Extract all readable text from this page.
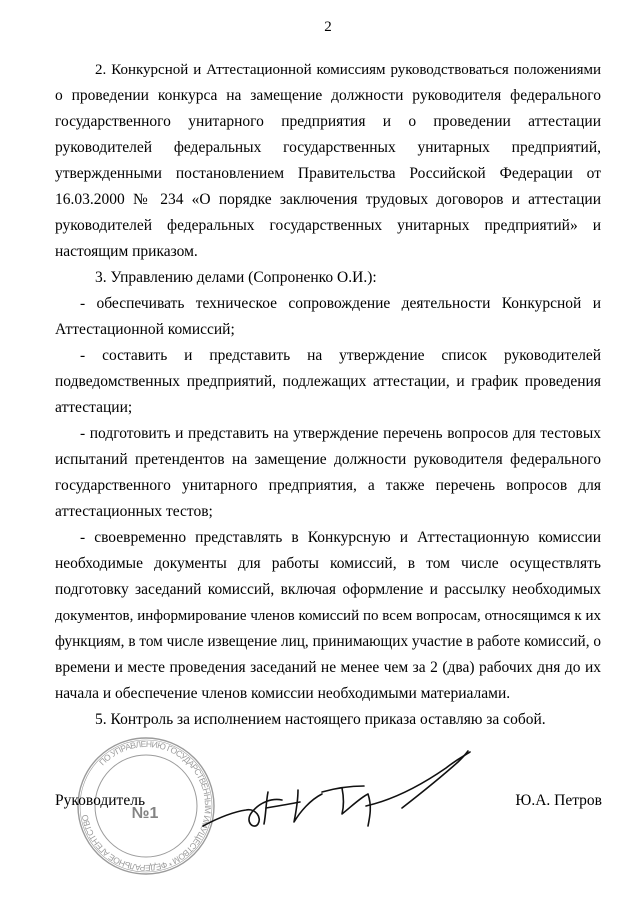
2
2. Конкурсной и Аттестационной комиссиям руководствоваться положениями
о проведении конкурса на замещение должности руководителя федерального
государственного унитарного предприятия и о проведении аттестации
руководителей федеральных государственных унитарных предприятий,
утвержденными постановлением Правительства Российской Федерации от
16.03.2000 № 234 «О порядке заключения трудовых договоров и аттестации
руководителей федеральных государственных унитарных предприятий» и
настоящим приказом.
3. Управлению делами (Сопроненко О.И.):
- обеспечивать техническое сопровождение деятельности Конкурсной и
Аттестационной комиссий;
- составить и представить на утверждение список руководителей
подведомственных предприятий, подлежащих аттестации, и график проведения
аттестации;
- подготовить и представить на утверждение перечень вопросов для тестовых
испытаний претендентов на замещение должности руководителя федерального
государственного унитарного предприятия, а также перечень вопросов для
аттестационных тестов;
- своевременно представлять в Конкурсную и Аттестационную комиссии
необходимые документы для работы комиссий, в том числе осуществлять
подготовку заседаний комиссий, включая оформление и рассылку необходимых
документов, информирование членов комиссий по всем вопросам, относящимся к их
функциям, в том числе извещение лиц, принимающих участие в работе комиссий, о
времени и месте проведения заседаний не менее чем за 2 (два) рабочих дня до их
начала и обеспечение членов комиссии необходимыми материалами.
5. Контроль за исполнением настоящего приказа оставляю за собой.
ПО УПРАВЛЕНИЮ ГОСУДАРСТВЕННЫМ ИМУЩЕСТВОМ * ФЕДЕРАЛЬНОЕ АГЕНТСТВО	№1
Руководитель	Ю.А. Петров
